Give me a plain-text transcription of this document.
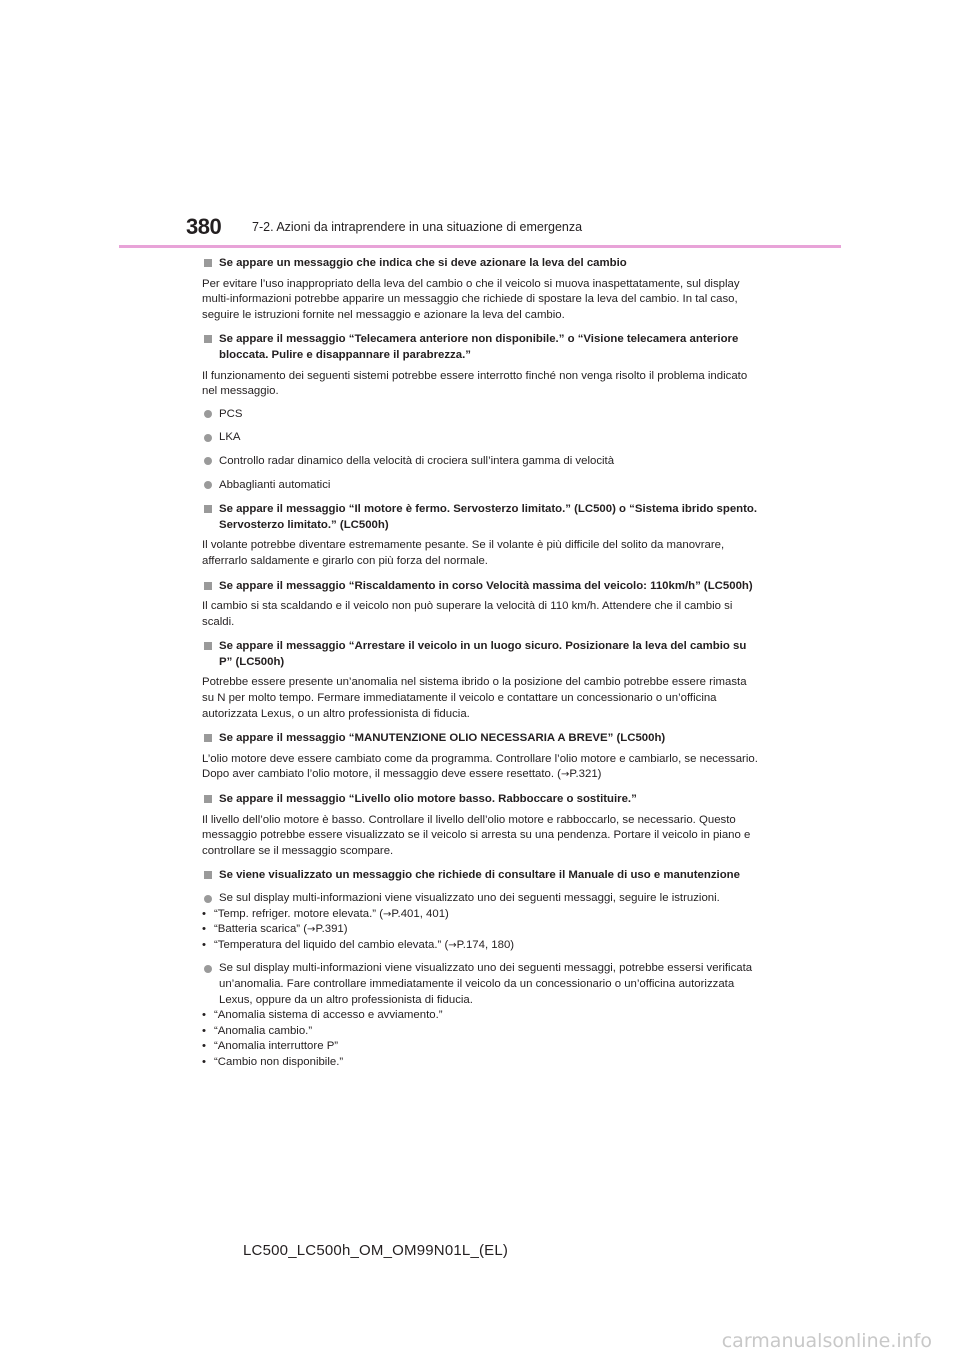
380 7-2. Azioni da intraprendere in una situazione di emergenza
Se appare un messaggio che indica che si deve azionare la leva del cambio

Per evitare l’uso inappropriato della leva del cambio o che il veicolo si muova inaspettatamente, sul display multi-informazioni potrebbe apparire un messaggio che richiede di spostare la leva del cambio. In tal caso, seguire le istruzioni fornite nel messaggio e azionare la leva del cambio.

Se appare il messaggio “Telecamera anteriore non disponibile.” o “Visione telecamera anteriore bloccata. Pulire e disappannare il parabrezza.”

Il funzionamento dei seguenti sistemi potrebbe essere interrotto finché non venga risolto il problema indicato nel messaggio.

PCS
LKA
Controllo radar dinamico della velocità di crociera sull’intera gamma di velocità
Abbaglianti automatici
Se appare il messaggio “Il motore è fermo. Servosterzo limitato.” (LC500) o “Sistema ibrido spento. Servosterzo limitato.” (LC500h)

Il volante potrebbe diventare estremamente pesante. Se il volante è più difficile del solito da manovrare, afferrarlo saldamente e girarlo con più forza del normale.

Se appare il messaggio “Riscaldamento in corso Velocità massima del veicolo: 110km/h” (LC500h)

Il cambio si sta scaldando e il veicolo non può superare la velocità di 110 km/h. Attendere che il cambio si scaldi.

Se appare il messaggio “Arrestare il veicolo in un luogo sicuro. Posizionare la leva del cambio su P” (LC500h)

Potrebbe essere presente un’anomalia nel sistema ibrido o la posizione del cambio potrebbe essere rimasta su N per molto tempo. Fermare immediatamente il veicolo e contattare un concessionario o un’officina autorizzata Lexus, o un altro professionista di fiducia.

Se appare il messaggio “MANUTENZIONE OLIO NECESSARIA A BREVE” (LC500h)

L’olio motore deve essere cambiato come da programma. Controllare l’olio motore e cambiarlo, se necessario. Dopo aver cambiato l’olio motore, il messaggio deve essere resettato. (→P.321)

Se appare il messaggio “Livello olio motore basso. Rabboccare o sostituire.”

Il livello dell’olio motore è basso. Controllare il livello dell’olio motore e rabboccarlo, se necessario. Questo messaggio potrebbe essere visualizzato se il veicolo si arresta su una pendenza. Portare il veicolo in piano e controllare se il messaggio scompare.

Se viene visualizzato un messaggio che richiede di consultare il Manuale di uso e manutenzione
Se sul display multi-informazioni viene visualizzato uno dei seguenti messaggi, seguire le istruzioni.
• “Temp. refriger. motore elevata.” (→P.401, 401)
• “Batteria scarica” (→P.391)
• “Temperatura del liquido del cambio elevata.” (→P.174, 180)
Se sul display multi-informazioni viene visualizzato uno dei seguenti messaggi, potrebbe essersi verificata un’anomalia. Fare controllare immediatamente il veicolo da un concessionario o un’officina autorizzata Lexus, oppure da un altro professionista di fiducia.
• “Anomalia sistema di accesso e avviamento.”
• “Anomalia cambio.”
• “Anomalia interruttore P”
• “Cambio non disponibile.”
LC500_LC500h_OM_OM99N01L_(EL)
carmanualsonline.info
